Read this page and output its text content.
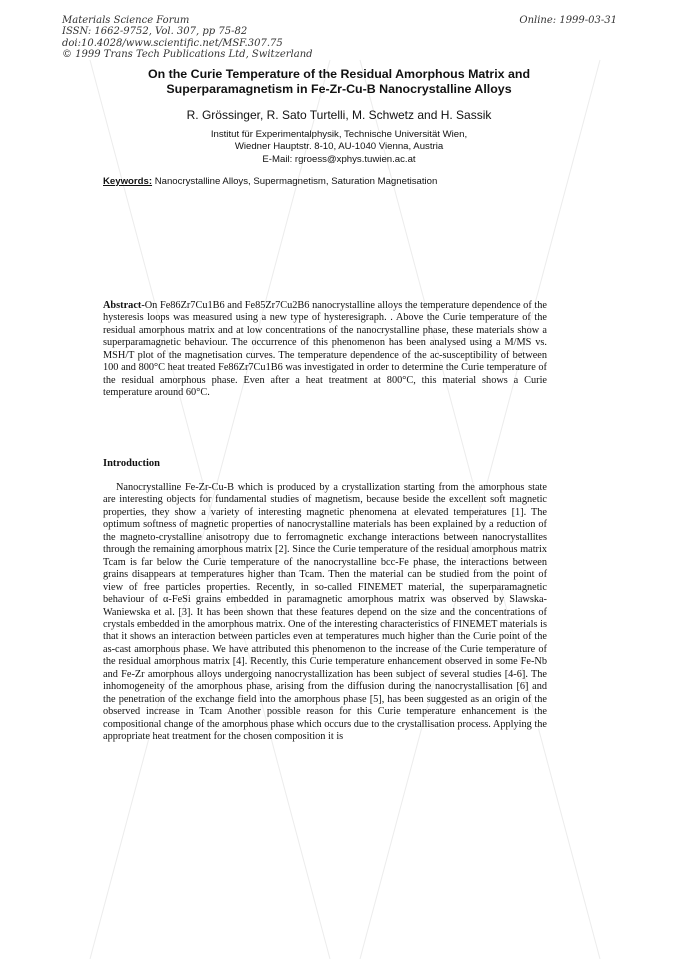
Materials Science Forum
ISSN: 1662-9752, Vol. 307, pp 75-82
doi:10.4028/www.scientific.net/MSF.307.75
© 1999 Trans Tech Publications Ltd, Switzerland
Online: 1999-03-31
On the Curie Temperature of the Residual Amorphous Matrix and
Superparamagnetism in Fe-Zr-Cu-B Nanocrystalline Alloys
R. Grössinger, R. Sato Turtelli, M. Schwetz and H. Sassik
Institut für Experimentalphysik, Technische Universität Wien,
Wiedner Hauptstr. 8-10, AU-1040 Vienna, Austria
E-Mail: rgroess@xphys.tuwien.ac.at
Keywords: Nanocrystalline Alloys, Supermagnetism, Saturation Magnetisation
Abstract-On Fe86Zr7Cu1B6 and Fe85Zr7Cu2B6 nanocrystalline alloys the temperature dependence of the hysteresis loops was measured using a new type of hysteresigraph. . Above the Curie temperature of the residual amorphous matrix and at low concentrations of the nanocrystalline phase, these materials show a superparamagnetic behaviour. The occurrence of this phenomenon has been analysed using a M/MS vs. MSH/T plot of the magnetisation curves. The temperature dependence of the ac-susceptibility of between 100 and 800°C heat treated Fe86Zr7Cu1B6 was investigated in order to determine the Curie temperature of the residual amorphous phase. Even after a heat treatment at 800°C, this material shows a Curie temperature around 60°C.
Introduction
Nanocrystalline Fe-Zr-Cu-B which is produced by a crystallization starting from the amorphous state are interesting objects for fundamental studies of magnetism, because beside the excellent soft magnetic properties, they show a variety of interesting magnetic phenomena at elevated temperatures [1]. The optimum softness of magnetic properties of nanocrystalline materials has been explained by a reduction of the magneto-crystalline anisotropy due to ferromagnetic exchange interactions between nanocrystallites through the remaining amorphous matrix [2]. Since the Curie temperature of the residual amorphous matrix Tcam is far below the Curie temperature of the nanocrystalline bcc-Fe phase, the interactions between grains disappears at temperatures higher than Tcam. Then the material can be studied from the point of view of free particles properties. Recently, in so-called FINEMET material, the superparamagnetic behaviour of α-FeSi grains embedded in paramagnetic amorphous matrix was observed by Slawska-Waniewska et al. [3]. It has been shown that these features depend on the size and the concentrations of crystals embedded in the amorphous matrix. One of the interesting characteristics of FINEMET materials is that it shows an interaction between particles even at temperatures much higher than the Curie point of the as-cast amorphous phase. We have attributed this phenomenon to the increase of the Curie temperature of the residual amorphous matrix [4]. Recently, this Curie temperature enhancement observed in some Fe-Nb and Fe-Zr amorphous alloys undergoing nanocrystallization has been subject of several studies [4-6]. The inhomogeneity of the amorphous phase, arising from the diffusion during the nanocrystallisation [6] and the penetration of the exchange field into the amorphous phase [5], has been suggested as an origin of the observed increase in Tcam Another possible reason for this Curie temperature enhancement is the compositional change of the amorphous phase which occurs due to the crystallisation process. Applying the appropriate heat treatment for the chosen composition it is
